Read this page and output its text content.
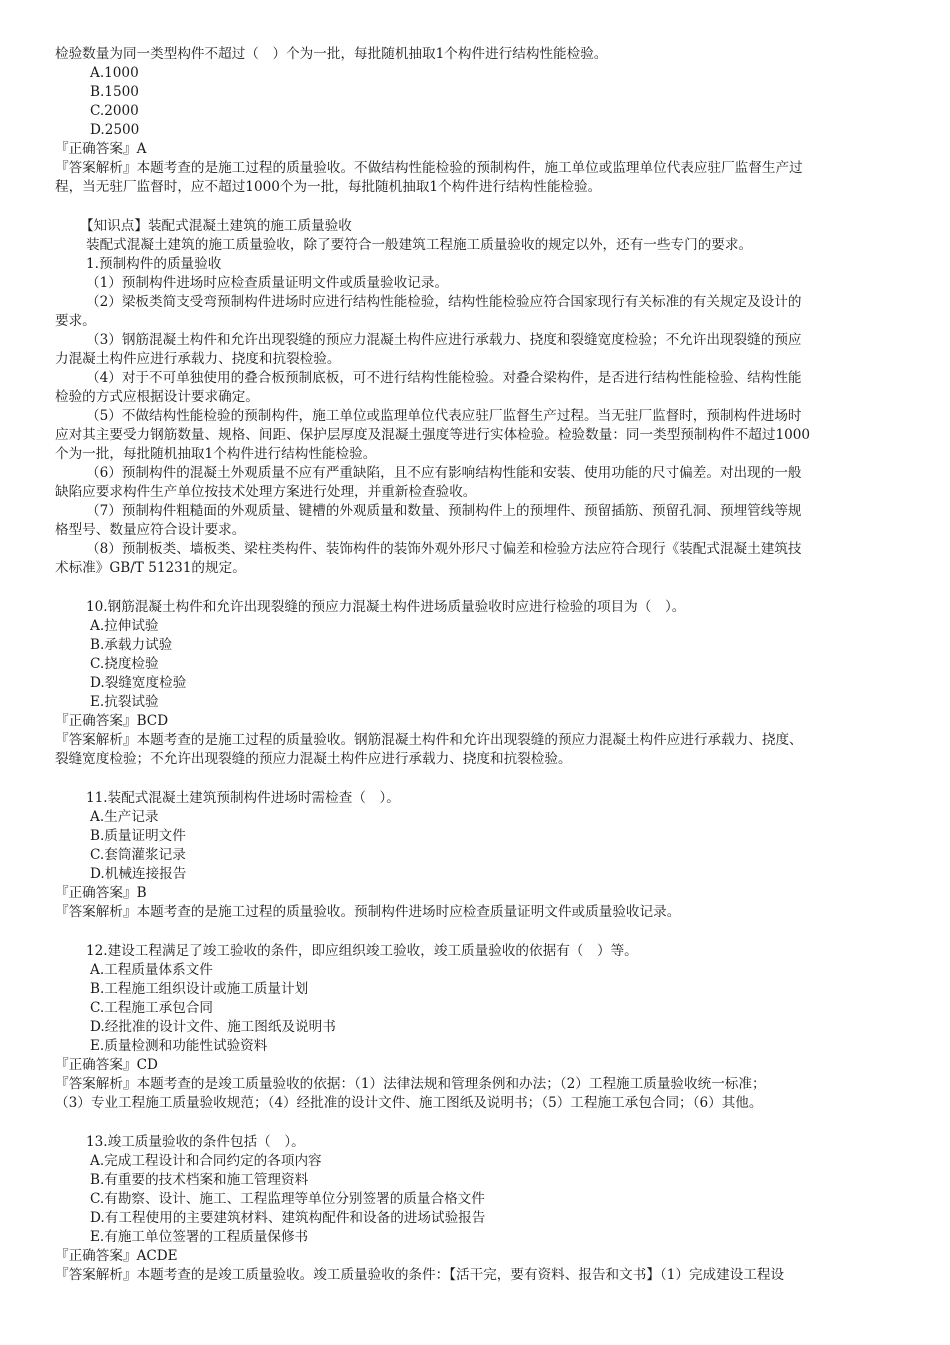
检验数量为同一类型构件不超过（　）个为一批，每批随机抽取1个构件进行结构性能检验。
A.1000
B.1500
C.2000
D.2500
『正确答案』A
『答案解析』本题考查的是施工过程的质量验收。不做结构性能检验的预制构件，施工单位或监理单位代表应驻厂监督生产过
程，当无驻厂监督时，应不超过1000个为一批，每批随机抽取1个构件进行结构性能检验。
【知识点】装配式混凝土建筑的施工质量验收
装配式混凝土建筑的施工质量验收，除了要符合一般建筑工程施工质量验收的规定以外，还有一些专门的要求。
1.预制构件的质量验收
（1）预制构件进场时应检查质量证明文件或质量验收记录。
（2）梁板类简支受弯预制构件进场时应进行结构性能检验，结构性能检验应符合国家现行有关标准的有关规定及设计的
要求。
（3）钢筋混凝土构件和允许出现裂缝的预应力混凝土构件应进行承载力、挠度和裂缝宽度检验；不允许出现裂缝的预应
力混凝土构件应进行承载力、挠度和抗裂检验。
（4）对于不可单独使用的叠合板预制底板，可不进行结构性能检验。对叠合梁构件，是否进行结构性能检验、结构性能
检验的方式应根据设计要求确定。
（5）不做结构性能检验的预制构件，施工单位或监理单位代表应驻厂监督生产过程。当无驻厂监督时，预制构件进场时
应对其主要受力钢筋数量、规格、间距、保护层厚度及混凝土强度等进行实体检验。检验数量：同一类型预制构件不超过1000
个为一批，每批随机抽取1个构件进行结构性能检验。
（6）预制构件的混凝土外观质量不应有严重缺陷，且不应有影响结构性能和安装、使用功能的尺寸偏差。对出现的一般
缺陷应要求构件生产单位按技术处理方案进行处理，并重新检查验收。
（7）预制构件粗糙面的外观质量、键槽的外观质量和数量、预制构件上的预埋件、预留插筋、预留孔洞、预埋管线等规
格型号、数量应符合设计要求。
（8）预制板类、墙板类、梁柱类构件、装饰构件的装饰外观外形尺寸偏差和检验方法应符合现行《装配式混凝土建筑技
术标准》GB/T 51231的规定。
10.钢筋混凝土构件和允许出现裂缝的预应力混凝土构件进场质量验收时应进行检验的项目为（　）。
A.拉伸试验
B.承载力试验
C.挠度检验
D.裂缝宽度检验
E.抗裂试验
『正确答案』BCD
『答案解析』本题考查的是施工过程的质量验收。钢筋混凝土构件和允许出现裂缝的预应力混凝土构件应进行承载力、挠度、
裂缝宽度检验；不允许出现裂缝的预应力混凝土构件应进行承载力、挠度和抗裂检验。
11.装配式混凝土建筑预制构件进场时需检查（　）。
A.生产记录
B.质量证明文件
C.套筒灌浆记录
D.机械连接报告
『正确答案』B
『答案解析』本题考查的是施工过程的质量验收。预制构件进场时应检查质量证明文件或质量验收记录。
12.建设工程满足了竣工验收的条件，即应组织竣工验收，竣工质量验收的依据有（　）等。
A.工程质量体系文件
B.工程施工组织设计或施工质量计划
C.工程施工承包合同
D.经批准的设计文件、施工图纸及说明书
E.质量检测和功能性试验资料
『正确答案』CD
『答案解析』本题考查的是竣工质量验收的依据：（1）法律法规和管理条例和办法；（2）工程施工质量验收统一标准；
（3）专业工程施工质量验收规范；（4）经批准的设计文件、施工图纸及说明书；（5）工程施工承包合同；（6）其他。
13.竣工质量验收的条件包括（　）。
A.完成工程设计和合同约定的各项内容
B.有重要的技术档案和施工管理资料
C.有勘察、设计、施工、工程监理等单位分别签署的质量合格文件
D.有工程使用的主要建筑材料、建筑构配件和设备的进场试验报告
E.有施工单位签署的工程质量保修书
『正确答案』ACDE
『答案解析』本题考查的是竣工质量验收。竣工质量验收的条件：【活干完，要有资料、报告和文书】（1）完成建设工程设
